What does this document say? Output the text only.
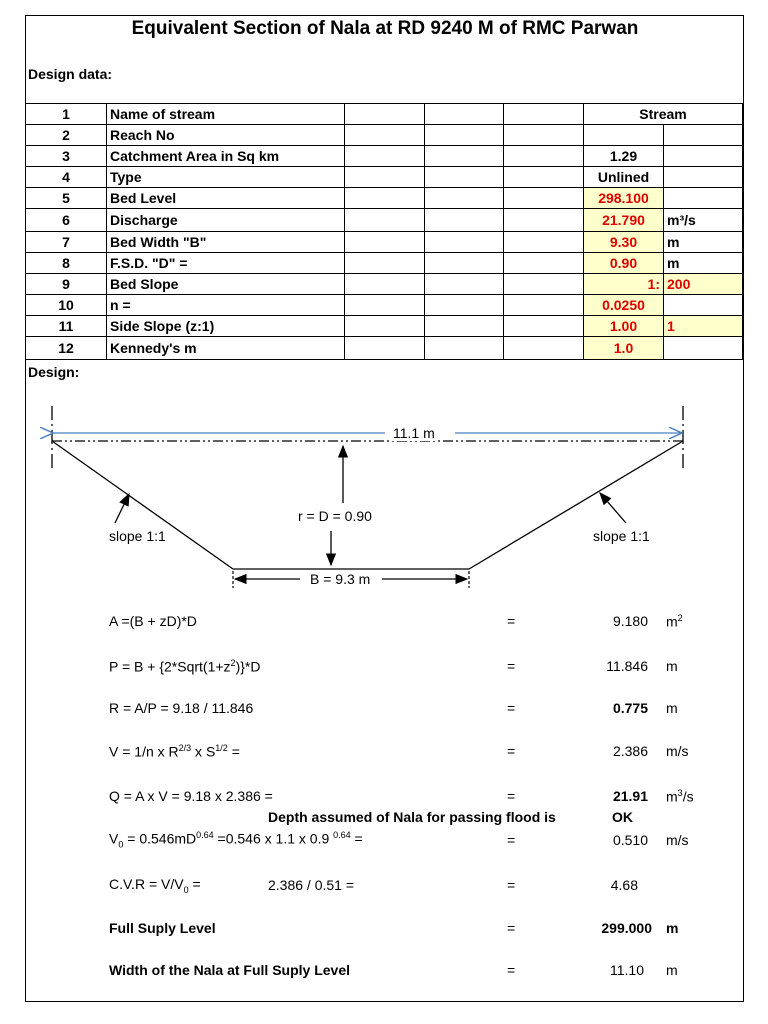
Equivalent Section of Nala at RD 9240 M of RMC Parwan
Design data:
1	Name of stream				Stream	
2	Reach No					
3	Catchment Area in Sq km				1.29	
4	Type				Unlined	
5	Bed Level				298.100	
6	Discharge				21.790	m³/s
7	Bed Width "B"				9.30	m
8	F.S.D. "D" =				0.90	m
9	Bed Slope				1:	200
10	n =				0.0250	
11	Side Slope (z:1)				1.00	1
12	Kennedy's m				1.0	
Design:
11.1 m
r = D = 0.90
B = 9.3 m
slope 1:1	slope 1:1
A =(B + zD)*D	=	9.180 $m^2$
$P = B + \{2*Sqrt(1+z^2)\}*D$	=	11.846 m
R = A/P = 9.18 / 11.846	=	0.775 m
V = 1/n x $R^{2/3}$ x $S^{1/2}$ =	=	2.386 m/s
Q = A x V = 9.18 x 2.386 =	=	21.91 $m^3/s$
Depth assumed of Nala for passing flood is	OK
$V_0 = 0.546mD^{0.64} =0.546$ x 1.1 x 0.9 $^{0.64}$ =	=	0.510 m/s
$C.V.R = V/V_0$ =	2.386 / 0.51 =	=	4.68
Full Suply Level	=	299.000 m
Width of the Nala at Full Suply Level	=	11.10 m
